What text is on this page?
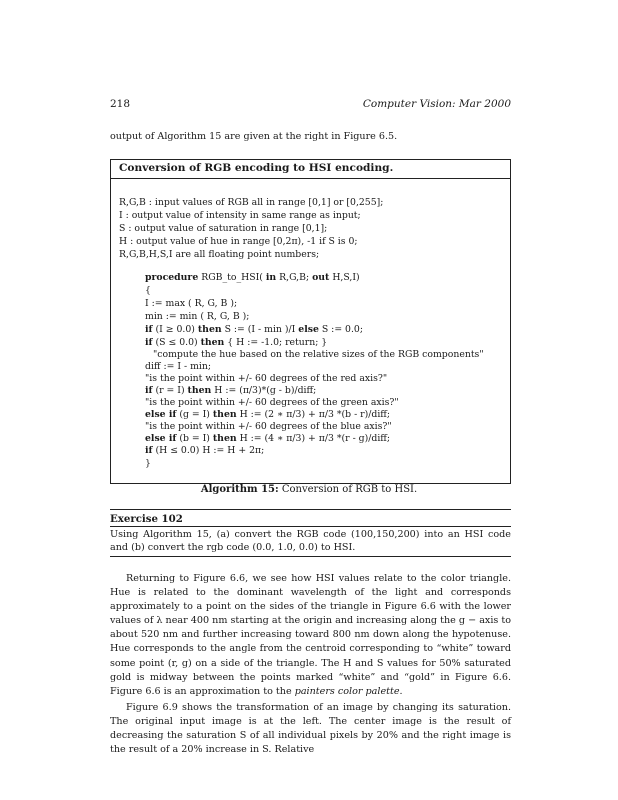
218	Computer Vision: Mar 2000
output of Algorithm 15 are given at the right in Figure 6.5.
Conversion of RGB encoding to HSI encoding.
R,G,B : input values of RGB all in range [0,1] or [0,255];
I : output value of intensity in same range as input;
S : output value of saturation in range [0,1];
H : output value of hue in range [0,2π), -1 if S is 0;
R,G,B,H,S,I are all floating point numbers;
procedure RGB_to_HSI( in R,G,B; out H,S,I)
{
I := max ( R, G, B );
min := min ( R, G, B );
if (I ≥ 0.0) then S := (I - min )/I else S := 0.0;
if (S ≤ 0.0) then { H := -1.0; return; }
"compute the hue based on the relative sizes of the RGB components"
diff := I - min;
"is the point within +/- 60 degrees of the red axis?"
if (r = I) then H := (π/3)*(g - b)/diff;
"is the point within +/- 60 degrees of the green axis?"
else if (g = I) then H := (2 ∗ π/3) + π/3 *(b - r)/diff;
"is the point within +/- 60 degrees of the blue axis?"
else if (b = I) then H := (4 ∗ π/3) + π/3 *(r - g)/diff;
if (H ≤ 0.0) H := H + 2π;
}
Algorithm 15: Conversion of RGB to HSI.
Exercise 102
Using Algorithm 15, (a) convert the RGB code (100,150,200) into an HSI code and (b) convert the rgb code (0.0, 1.0, 0.0) to HSI.
Returning to Figure 6.6, we see how HSI values relate to the color triangle. Hue is related to the dominant wavelength of the light and corresponds approximately to a point on the sides of the triangle in Figure 6.6 with the lower values of λ near 400 nm starting at the origin and increasing along the g − axis to about 520 nm and further increasing toward 800 nm down along the hypotenuse. Hue corresponds to the angle from the centroid corresponding to “white” toward some point (r, g) on a side of the triangle. The H and S values for 50% saturated gold is midway between the points marked “white” and “gold” in Figure 6.6. Figure 6.6 is an approximation to the painters color palette.
Figure 6.9 shows the transformation of an image by changing its saturation. The original input image is at the left. The center image is the result of decreasing the saturation S of all individual pixels by 20% and the right image is the result of a 20% increase in S. Relative
